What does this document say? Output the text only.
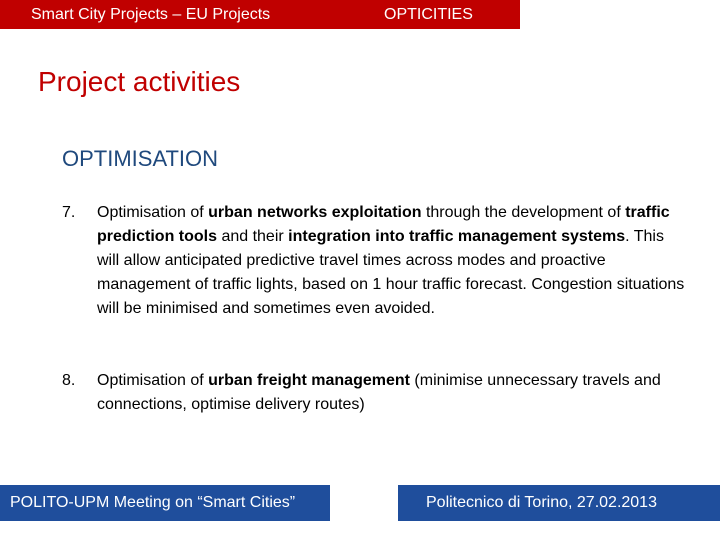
Smart City Projects – EU Projects	OPTICITIES
Project activities
OPTIMISATION
7. Optimisation of urban networks exploitation through the development of traffic prediction tools and their integration into traffic management systems. This will allow anticipated predictive travel times across modes and proactive management of traffic lights, based on 1 hour traffic forecast. Congestion situations will be minimised and sometimes even avoided.
8. Optimisation of urban freight management (minimise unnecessary travels and connections, optimise delivery routes)
POLITO-UPM Meeting on “Smart Cities”	Politecnico di Torino, 27.02.2013
